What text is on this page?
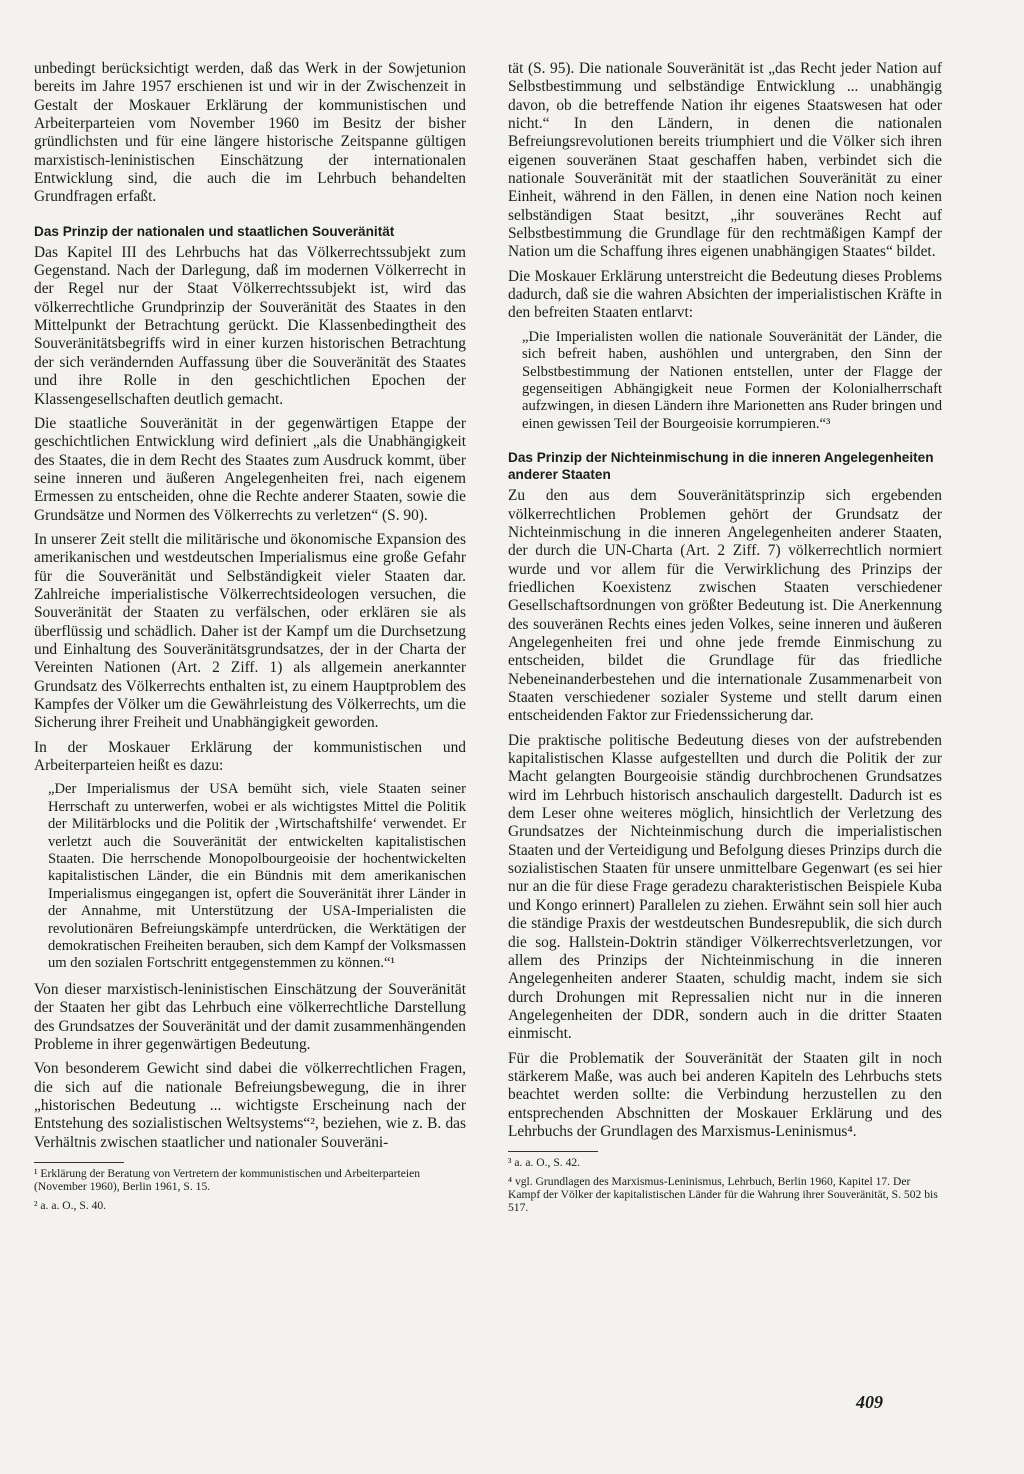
unbedingt berücksichtigt werden, daß das Werk in der Sowjetunion bereits im Jahre 1957 erschienen ist und wir in der Zwischenzeit in Gestalt der Moskauer Erklärung der kommunistischen und Arbeiterparteien vom November 1960 im Besitz der bisher gründlichsten und für eine längere historische Zeitspanne gültigen marxistisch-leninistischen Einschätzung der internationalen Entwicklung sind, die auch die im Lehrbuch behandelten Grundfragen erfaßt.

Das Prinzip der nationalen und staatlichen Souveränität

Das Kapitel III des Lehrbuchs hat das Völkerrechtssubjekt zum Gegenstand. Nach der Darlegung, daß im modernen Völkerrecht in der Regel nur der Staat Völkerrechtssubjekt ist, wird das völkerrechtliche Grundprinzip der Souveränität des Staates in den Mittelpunkt der Betrachtung gerückt. Die Klassenbedingtheit des Souveränitätsbegriffs wird in einer kurzen historischen Betrachtung der sich verändernden Auffassung über die Souveränität des Staates und ihre Rolle in den geschichtlichen Epochen der Klassengesellschaften deutlich gemacht.

Die staatliche Souveränität in der gegenwärtigen Etappe der geschichtlichen Entwicklung wird definiert „als die Unabhängigkeit des Staates, die in dem Recht des Staates zum Ausdruck kommt, über seine inneren und äußeren Angelegenheiten frei, nach eigenem Ermessen zu entscheiden, ohne die Rechte anderer Staaten, sowie die Grundsätze und Normen des Völkerrechts zu verletzen“ (S. 90).

In unserer Zeit stellt die militärische und ökonomische Expansion des amerikanischen und westdeutschen Imperialismus eine große Gefahr für die Souveränität und Selbständigkeit vieler Staaten dar. Zahlreiche imperialistische Völkerrechtsideologen versuchen, die Souveränität der Staaten zu verfälschen, oder erklären sie als überflüssig und schädlich. Daher ist der Kampf um die Durchsetzung und Einhaltung des Souveränitätsgrundsatzes, der in der Charta der Vereinten Nationen (Art. 2 Ziff. 1) als allgemein anerkannter Grundsatz des Völkerrechts enthalten ist, zu einem Hauptproblem des Kampfes der Völker um die Gewährleistung des Völkerrechts, um die Sicherung ihrer Freiheit und Unabhängigkeit geworden.

In der Moskauer Erklärung der kommunistischen und Arbeiterparteien heißt es dazu:

„Der Imperialismus der USA bemüht sich, viele Staaten seiner Herrschaft zu unterwerfen, wobei er als wichtigstes Mittel die Politik der Militärblocks und die Politik der ‚Wirtschaftshilfe‘ verwendet. Er verletzt auch die Souveränität der entwickelten kapitalistischen Staaten. Die herrschende Monopolbourgeoisie der hochentwickelten kapitalistischen Länder, die ein Bündnis mit dem amerikanischen Imperialismus eingegangen ist, opfert die Souveränität ihrer Länder in der Annahme, mit Unterstützung der USA-Imperialisten die revolutionären Befreiungskämpfe unterdrücken, die Werktätigen der demokratischen Freiheiten berauben, sich dem Kampf der Volksmassen um den sozialen Fortschritt entgegenstemmen zu können.“¹

Von dieser marxistisch-leninistischen Einschätzung der Souveränität der Staaten her gibt das Lehrbuch eine völkerrechtliche Darstellung des Grundsatzes der Souveränität und der damit zusammenhängenden Probleme in ihrer gegenwärtigen Bedeutung.

Von besonderem Gewicht sind dabei die völkerrechtlichen Fragen, die sich auf die nationale Befreiungsbewegung, die in ihrer „historischen Bedeutung ... wichtigste Erscheinung nach der Entstehung des sozialistischen Weltsystems“², beziehen, wie z. B. das Verhältnis zwischen staatlicher und nationaler Souveräni-

¹ Erklärung der Beratung von Vertretern der kommunistischen und Arbeiterparteien (November 1960), Berlin 1961, S. 15.

² a. a. O., S. 40.

tät (S. 95). Die nationale Souveränität ist „das Recht jeder Nation auf Selbstbestimmung und selbständige Entwicklung ... unabhängig davon, ob die betreffende Nation ihr eigenes Staatswesen hat oder nicht.“ In den Ländern, in denen die nationalen Befreiungsrevolutionen bereits triumphiert und die Völker sich ihren eigenen souveränen Staat geschaffen haben, verbindet sich die nationale Souveränität mit der staatlichen Souveränität zu einer Einheit, während in den Fällen, in denen eine Nation noch keinen selbständigen Staat besitzt, „ihr souveränes Recht auf Selbstbestimmung die Grundlage für den rechtmäßigen Kampf der Nation um die Schaffung ihres eigenen unabhängigen Staates“ bildet.

Die Moskauer Erklärung unterstreicht die Bedeutung dieses Problems dadurch, daß sie die wahren Absichten der imperialistischen Kräfte in den befreiten Staaten entlarvt:

„Die Imperialisten wollen die nationale Souveränität der Länder, die sich befreit haben, aushöhlen und untergraben, den Sinn der Selbstbestimmung der Nationen entstellen, unter der Flagge der gegenseitigen Abhängigkeit neue Formen der Kolonialherrschaft aufzwingen, in diesen Ländern ihre Marionetten ans Ruder bringen und einen gewissen Teil der Bourgeoisie korrumpieren.“³
Das Prinzip der Nichteinmischung in die inneren Angelegenheiten anderer Staaten

Zu den aus dem Souveränitätsprinzip sich ergebenden völkerrechtlichen Problemen gehört der Grundsatz der Nichteinmischung in die inneren Angelegenheiten anderer Staaten, der durch die UN-Charta (Art. 2 Ziff. 7) völkerrechtlich normiert wurde und vor allem für die Verwirklichung des Prinzips der friedlichen Koexistenz zwischen Staaten verschiedener Gesellschaftsordnungen von größter Bedeutung ist. Die Anerkennung des souveränen Rechts eines jeden Volkes, seine inneren und äußeren Angelegenheiten frei und ohne jede fremde Einmischung zu entscheiden, bildet die Grundlage für das friedliche Nebeneinanderbestehen und die internationale Zusammenarbeit von Staaten verschiedener sozialer Systeme und stellt darum einen entscheidenden Faktor zur Friedenssicherung dar.

Die praktische politische Bedeutung dieses von der aufstrebenden kapitalistischen Klasse aufgestellten und durch die Politik der zur Macht gelangten Bourgeoisie ständig durchbrochenen Grundsatzes wird im Lehrbuch historisch anschaulich dargestellt. Dadurch ist es dem Leser ohne weiteres möglich, hinsichtlich der Verletzung des Grundsatzes der Nichteinmischung durch die imperialistischen Staaten und der Verteidigung und Befolgung dieses Prinzips durch die sozialistischen Staaten für unsere unmittelbare Gegenwart (es sei hier nur an die für diese Frage geradezu charakteristischen Beispiele Kuba und Kongo erinnert) Parallelen zu ziehen. Erwähnt sein soll hier auch die ständige Praxis der westdeutschen Bundesrepublik, die sich durch die sog. Hallstein-Doktrin ständiger Völkerrechtsverletzungen, vor allem des Prinzips der Nichteinmischung in die inneren Angelegenheiten anderer Staaten, schuldig macht, indem sie sich durch Drohungen mit Repressalien nicht nur in die inneren Angelegenheiten der DDR, sondern auch in die dritter Staaten einmischt.

Für die Problematik der Souveränität der Staaten gilt in noch stärkerem Maße, was auch bei anderen Kapiteln des Lehrbuchs stets beachtet werden sollte: die Verbindung herzustellen zu den entsprechenden Abschnitten der Moskauer Erklärung und des Lehrbuchs der Grundlagen des Marxismus-Leninismus⁴.

³ a. a. O., S. 42.

⁴ vgl. Grundlagen des Marxismus-Leninismus, Lehrbuch, Berlin 1960, Kapitel 17. Der Kampf der Völker der kapitalistischen Länder für die Wahrung ihrer Souveränität, S. 502 bis 517.

409
